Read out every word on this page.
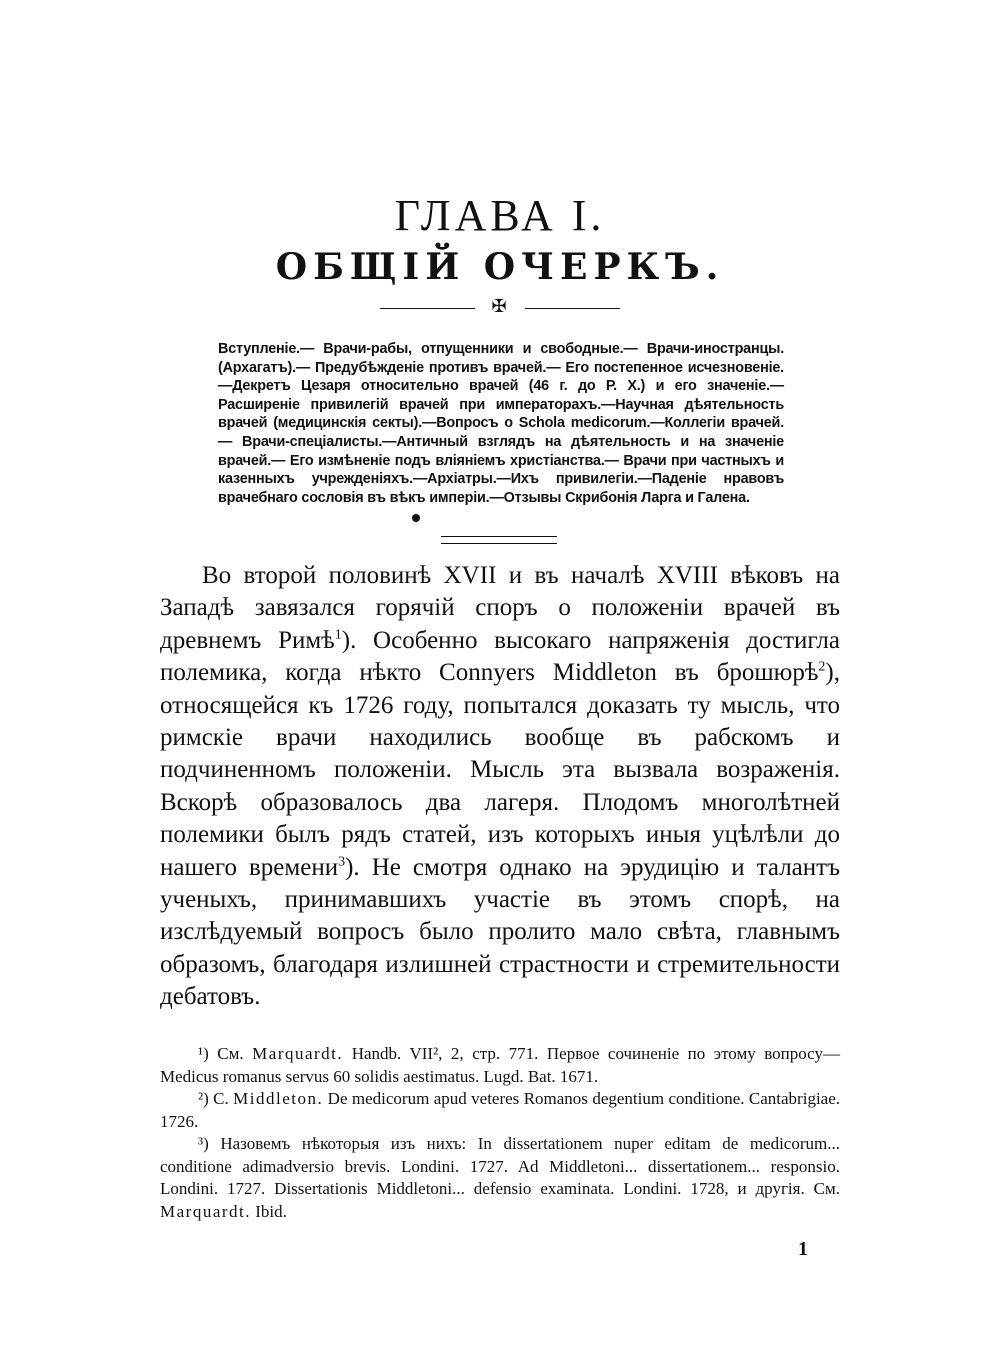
ГЛАВА I.
ОБЩІЙ ОЧЕРКЪ.
✠
Вступленіе.— Врачи-рабы, отпущенники и свободные.— Врачи-иностранцы. (Архагатъ).— Предубѣжденіе противъ врачей.— Его постепенное исчезновеніе.—Декретъ Цезаря относительно врачей (46 г. до Р. Х.) и его значеніе.— Расширеніе привилегій врачей при императорахъ.—Научная дѣятельность врачей (медицинскія секты).—Вопросъ о Schola medicorum.—Коллегіи врачей.— Врачи-спеціалисты.—Античный взглядъ на дѣятельность и на значеніе врачей.— Его измѣненіе подъ вліяніемъ христіанства.— Врачи при частныхъ и казенныхъ учрежденіяхъ.—Архіатры.—Ихъ привилегіи.—Паденіе нравовъ врачебнаго сословія въ вѣкъ имперіи.—Отзывы Скрибонія Ларга и Галена.

Во второй половинѣ XVII и въ началѣ XVIII вѣковъ на Западѣ завязался горячій споръ о положеніи врачей въ древнемъ Римѣ$^1$). Особенно высокаго напряженія достигла полемика, когда нѣкто Connyers Middleton въ брошюрѣ$^2$), относящейся къ 1726 году, попытался доказать ту мысль, что римскіе врачи находились вообще въ рабскомъ и подчиненномъ положеніи. Мысль эта вызвала возраженія. Вскорѣ образовалось два лагеря. Плодомъ многолѣтней полемики былъ рядъ статей, изъ которыхъ иныя уцѣлѣли до нашего времени$^3$). Не смотря однако на эрудицію и талантъ ученыхъ, принимавшихъ участіе въ этомъ спорѣ, на изслѣдуемый вопросъ было пролито мало свѣта, главнымъ образомъ, благодаря излишней страстности и стремительности дебатовъ.

¹) См. Marquardt. Handb. VII², 2, стр. 771. Первое сочиненіе по этому вопросу—Medicus romanus servus 60 solidis aestimatus. Lugd. Bat. 1671.

²) C. Middleton. De medicorum apud veteres Romanos degentium conditione. Cantabrigiae. 1726.

³) Назовемъ нѣкоторыя изъ нихъ: In dissertationem nuper editam de medicorum... conditione adimadversio brevis. Londini. 1727. Ad Middletoni... dissertationem... responsio. Londini. 1727. Dissertationis Middletoni... defensio examinata. Londini. 1728, и другія. См. Marquardt. Ibid.

1
